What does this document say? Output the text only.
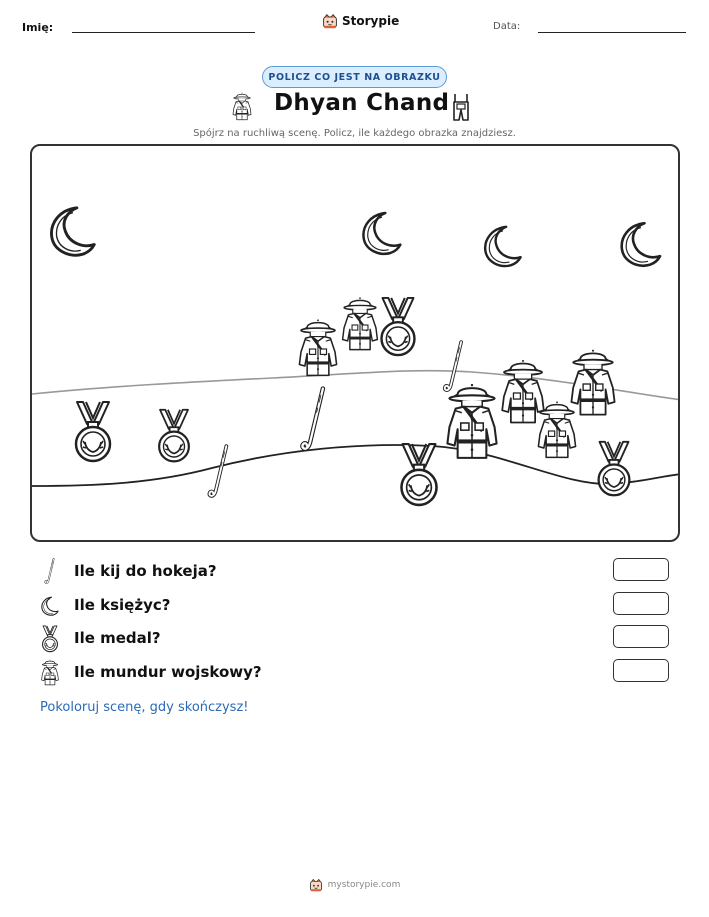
Imię:	Storypie	Data:
POLICZ CO JEST NA OBRAZKU
Dhyan Chand
Spójrz na ruchliwą scenę. Policz, ile każdego obrazka znajdziesz.
Ile kij do hokeja?
Ile księżyc?
Ile medal?
Ile mundur wojskowy?
Pokoloruj scenę, gdy skończysz!
mystorypie.com
